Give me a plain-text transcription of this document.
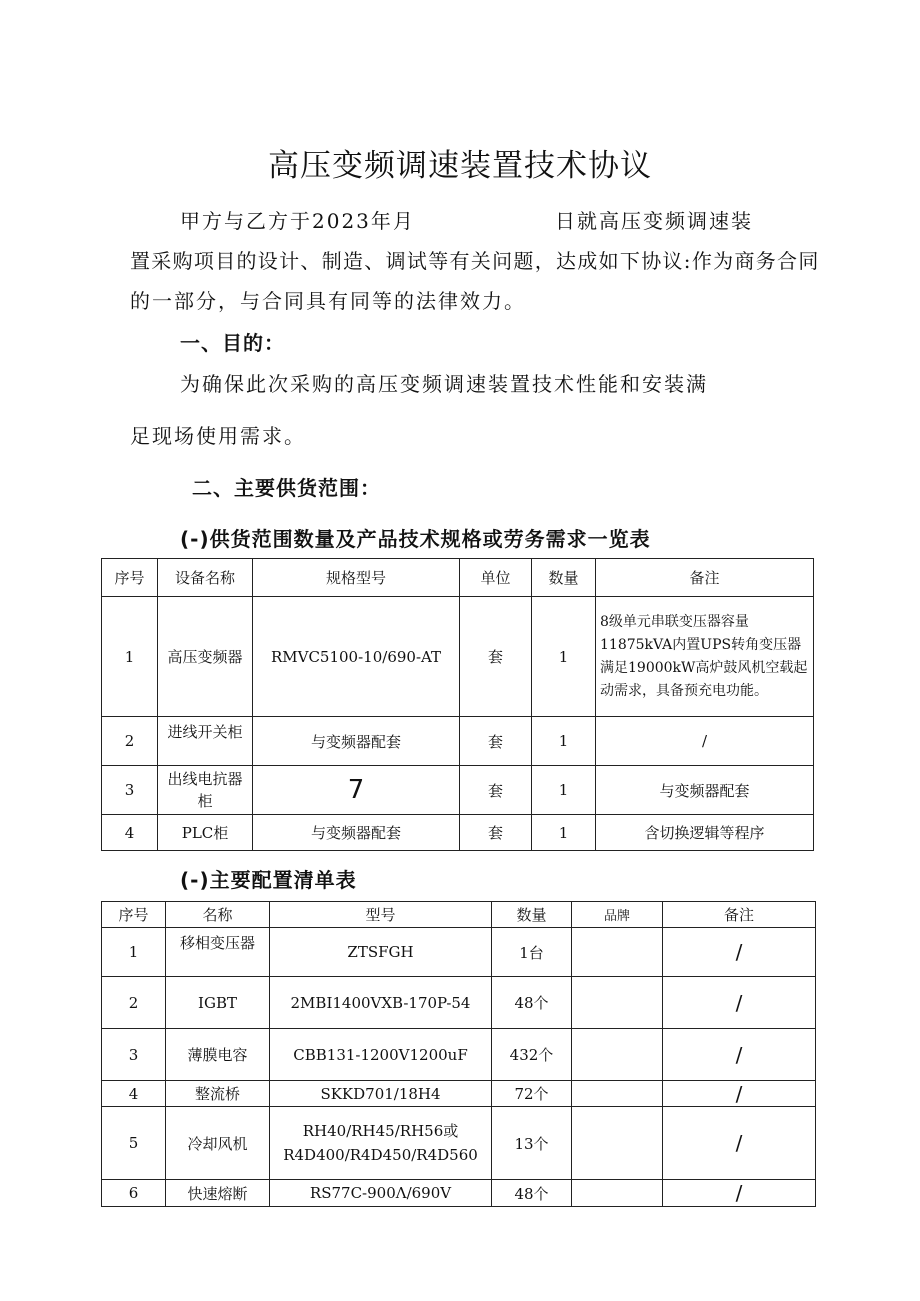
高压变频调速装置技术协议
甲方与乙方于2023年月	日就高压变频调速装
置采购项目的设计、制造、调试等有关问题，达成如下协议:作为商务合同
的一部分，与合同具有同等的法律效力。
一、目的：
为确保此次采购的高压变频调速装置技术性能和安装满
足现场使用需求。
二、主要供货范围：
(-)供货范围数量及产品技术规格或劳务需求一览表
序号	设备名称	规格型号	单位	数量	备注
1	高压变频器	RMVC5100-10/690-AT	套	1	8级单元串联变压器容量11875kVA内置UPS转角变压器满足19000kW高炉鼓风机空载起动需求，具备预充电功能。
2	进线开关柜	与变频器配套	套	1	/
3	出线电抗器柜	7	套	1	与变频器配套
4	PLC柜	与变频器配套	套	1	含切换逻辑等程序
(-)主要配置清单表
序号	名称	型号	数量	品牌	备注
1	移相变压器	ZTSFGH	1台		/
2	IGBT	2MBI1400VXB-170P-54	48个		/
3	薄膜电容	CBB131-1200V1200uF	432个		/
4	整流桥	SKKD701/18H4	72个		/
5	冷却风机	RH40/RH45/RH56或
R4D400/R4D450/R4D560	13个		/
6	快速熔断	RS77C-900Λ/690V	48个		/
